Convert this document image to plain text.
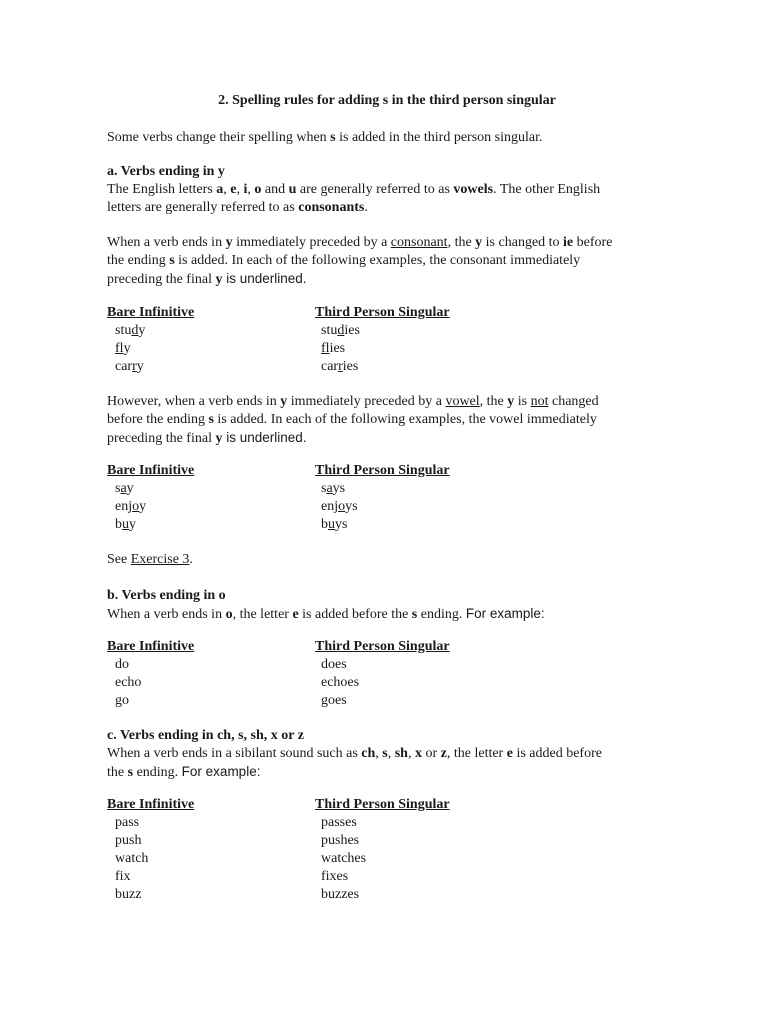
2. Spelling rules for adding s in the third person singular
Some verbs change their spelling when s is added in the third person singular.
a. Verbs ending in y
The English letters a, e, i, o and u are generally referred to as vowels. The other English
letters are generally referred to as consonants.
When a verb ends in y immediately preceded by a consonant, the y is changed to ie before
the ending s is added. In each of the following examples, the consonant immediately
preceding the final y is underlined.
Bare Infinitive	Third Person Singular
study	studies
fly	flies
carry	carries
However, when a verb ends in y immediately preceded by a vowel, the y is not changed
before the ending s is added. In each of the following examples, the vowel immediately
preceding the final y is underlined.
Bare Infinitive	Third Person Singular
say	says
enjoy	enjoys
buy	buys
See Exercise 3.
b. Verbs ending in o
When a verb ends in o, the letter e is added before the s ending. For example:
Bare Infinitive	Third Person Singular
do	does
echo	echoes
go	goes
c. Verbs ending in ch, s, sh, x or z
When a verb ends in a sibilant sound such as ch, s, sh, x or z, the letter e is added before
the s ending. For example:
Bare Infinitive	Third Person Singular
pass	passes
push	pushes
watch	watches
fix	fixes
buzz	buzzes
